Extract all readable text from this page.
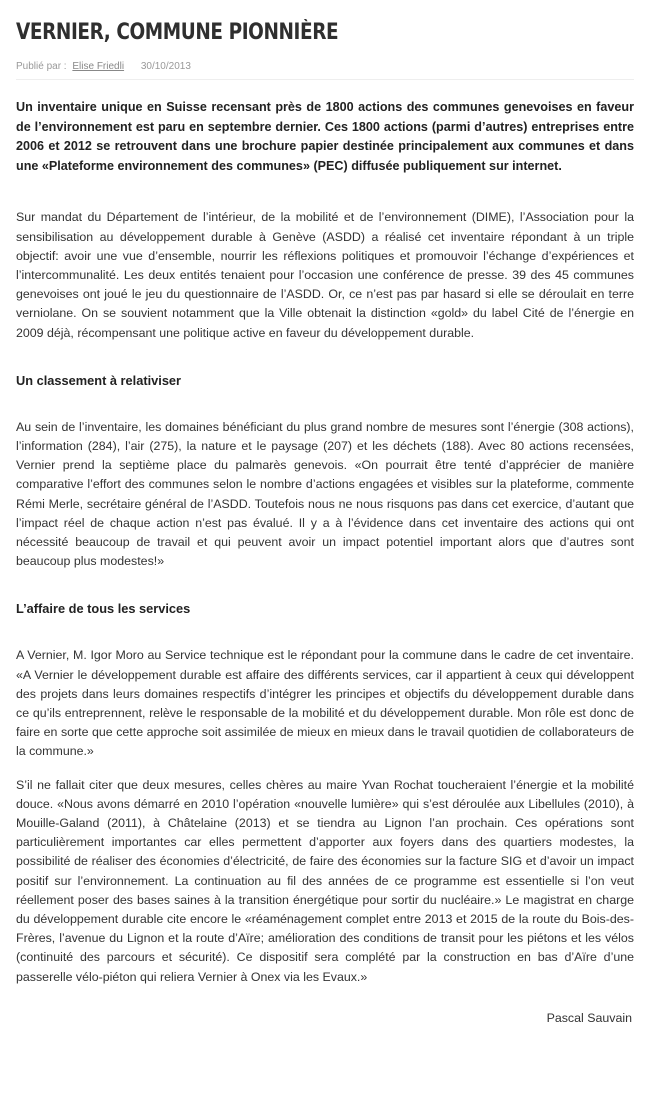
VERNIER, COMMUNE PIONNIÈRE
Publié par : Elise Friedli 30/10/2013

Un inventaire unique en Suisse recensant près de 1800 actions des communes genevoises en faveur de l’environnement est paru en septembre dernier. Ces 1800 actions (parmi d’autres) entreprises entre 2006 et 2012 se retrouvent dans une brochure papier destinée principalement aux communes et dans une «Plateforme environnement des communes» (PEC) diffusée publiquement sur internet.

Sur mandat du Département de l’intérieur, de la mobilité et de l’environnement (DIME), l’Association pour la sensibilisation au développement durable à Genève (ASDD) a réalisé cet inventaire répondant à un triple objectif: avoir une vue d’ensemble, nourrir les réflexions politiques et promouvoir l’échange d’expériences et l’intercommunalité. Les deux entités tenaient pour l’occasion une conférence de presse. 39 des 45 communes genevoises ont joué le jeu du questionnaire de l’ASDD. Or, ce n’est pas par hasard si elle se déroulait en terre verniolane. On se souvient notamment que la Ville obtenait la distinction «gold» du label Cité de l’énergie en 2009 déjà, récompensant une politique active en faveur du développement durable.

Un classement à relativiser

Au sein de l’inventaire, les domaines bénéficiant du plus grand nombre de mesures sont l’énergie (308 actions), l’information (284), l’air (275), la nature et le paysage (207) et les déchets (188). Avec 80 actions recensées, Vernier prend la septième place du palmarès genevois. «On pourrait être tenté d’apprécier de manière comparative l’effort des communes selon le nombre d’actions engagées et visibles sur la plateforme, commente Rémi Merle, secrétaire général de l’ASDD. Toutefois nous ne nous risquons pas dans cet exercice, d’autant que l’impact réel de chaque action n’est pas évalué. Il y a à l’évidence dans cet inventaire des actions qui ont nécessité beaucoup de travail et qui peuvent avoir un impact potentiel important alors que d’autres sont beaucoup plus modestes!»

L’affaire de tous les services

A Vernier, M. Igor Moro au Service technique est le répondant pour la commune dans le cadre de cet inventaire. «A Vernier le développement durable est affaire des différents services, car il appartient à ceux qui développent des projets dans leurs domaines respectifs d’intégrer les principes et objectifs du développement durable dans ce qu’ils entreprennent, relève le responsable de la mobilité et du développement durable. Mon rôle est donc de faire en sorte que cette approche soit assimilée de mieux en mieux dans le travail quotidien de collaborateurs de la commune.»

S’il ne fallait citer que deux mesures, celles chères au maire Yvan Rochat toucheraient l’énergie et la mobilité douce. «Nous avons démarré en 2010 l’opération «nouvelle lumière» qui s’est déroulée aux Libellules (2010), à Mouille-Galand (2011), à Châtelaine (2013) et se tiendra au Lignon l’an prochain. Ces opérations sont particulièrement importantes car elles permettent d’apporter aux foyers dans des quartiers modestes, la possibilité de réaliser des économies d’électricité, de faire des économies sur la facture SIG et d’avoir un impact positif sur l’environnement. La continuation au fil des années de ce programme est essentielle si l’on veut réellement poser des bases saines à la transition énergétique pour sortir du nucléaire.» Le magistrat en charge du développement durable cite encore le «réaménagement complet entre 2013 et 2015 de la route du Bois-des-Frères, l’avenue du Lignon et la route d’Aïre; amélioration des conditions de transit pour les piétons et les vélos (continuité des parcours et sécurité). Ce dispositif sera complété par la construction en bas d’Aïre d’une passerelle vélo-piéton qui reliera Vernier à Onex via les Evaux.»

Pascal Sauvain
